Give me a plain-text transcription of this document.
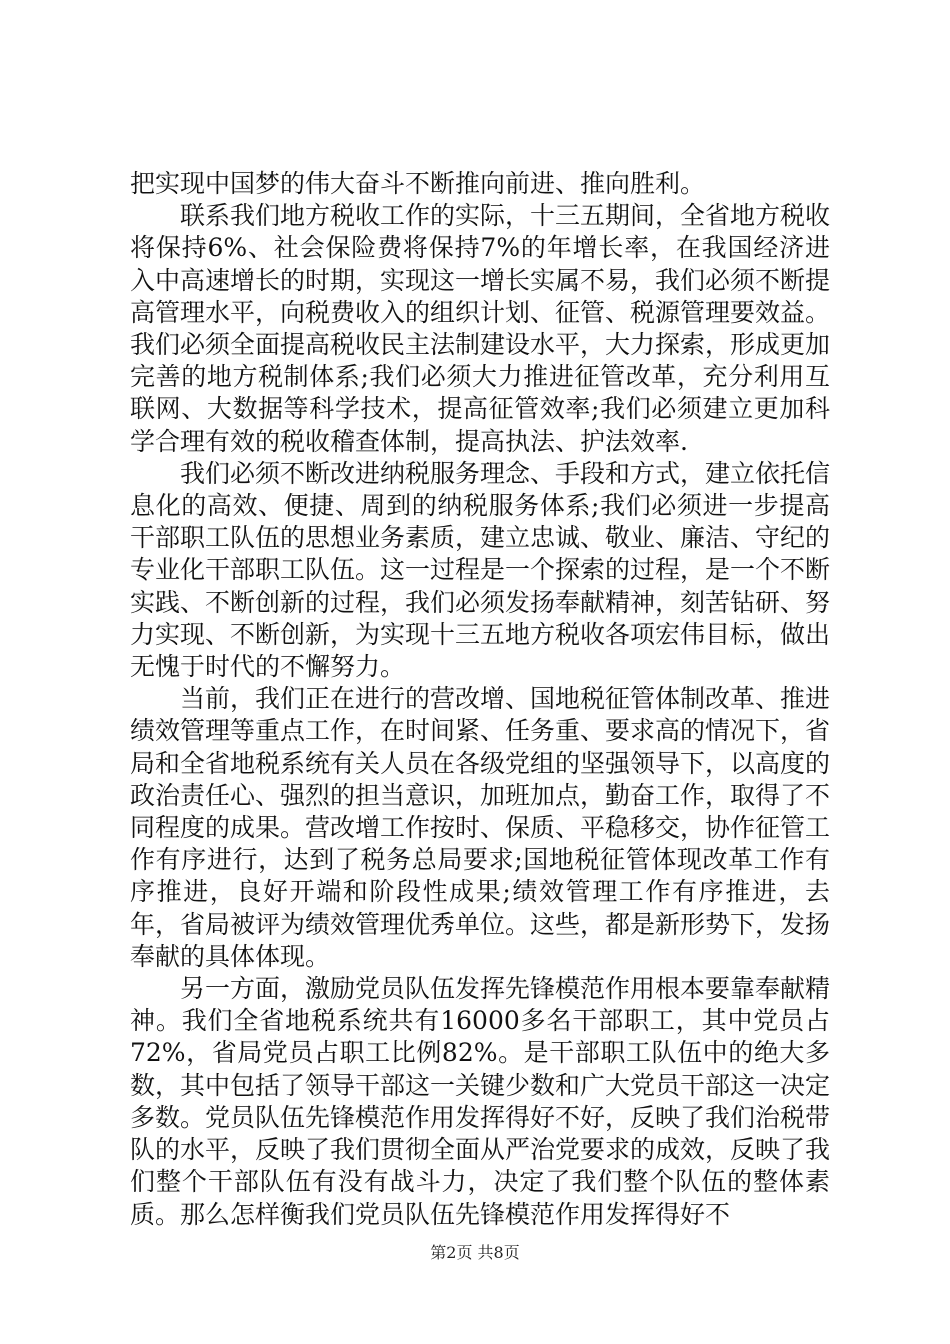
把实现中国梦的伟大奋斗不断推向前进、推向胜利。

联系我们地方税收工作的实际，十三五期间，全省地方税收将保持6%、社会保险费将保持7%的年增长率，在我国经济进入中高速增长的时期，实现这一增长实属不易，我们必须不断提高管理水平，向税费收入的组织计划、征管、税源管理要效益。我们必须全面提高税收民主法制建设水平，大力探索，形成更加完善的地方税制体系;我们必须大力推进征管改革，充分利用互联网、大数据等科学技术，提高征管效率;我们必须建立更加科学合理有效的税收稽查体制，提高执法、护法效率.

我们必须不断改进纳税服务理念、手段和方式，建立依托信息化的高效、便捷、周到的纳税服务体系;我们必须进一步提高干部职工队伍的思想业务素质，建立忠诚、敬业、廉洁、守纪的专业化干部职工队伍。这一过程是一个探索的过程，是一个不断实践、不断创新的过程，我们必须发扬奉献精神，刻苦钻研、努力实现、不断创新，为实现十三五地方税收各项宏伟目标，做出无愧于时代的不懈努力。

当前，我们正在进行的营改增、国地税征管体制改革、推进绩效管理等重点工作，在时间紧、任务重、要求高的情况下，省局和全省地税系统有关人员在各级党组的坚强领导下，以高度的政治责任心、强烈的担当意识，加班加点，勤奋工作，取得了不同程度的成果。营改增工作按时、保质、平稳移交，协作征管工作有序进行，达到了税务总局要求;国地税征管体现改革工作有序推进，良好开端和阶段性成果;绩效管理工作有序推进，去年，省局被评为绩效管理优秀单位。这些，都是新形势下，发扬奉献的具体体现。

另一方面，激励党员队伍发挥先锋模范作用根本要靠奉献精神。我们全省地税系统共有16000多名干部职工，其中党员占72%，省局党员占职工比例82%。是干部职工队伍中的绝大多数，其中包括了领导干部这一关键少数和广大党员干部这一决定多数。党员队伍先锋模范作用发挥得好不好，反映了我们治税带队的水平，反映了我们贯彻全面从严治党要求的成效，反映了我们整个干部队伍有没有战斗力，决定了我们整个队伍的整体素质。那么怎样衡我们党员队伍先锋模范作用发挥得好不

第2页 共8页
